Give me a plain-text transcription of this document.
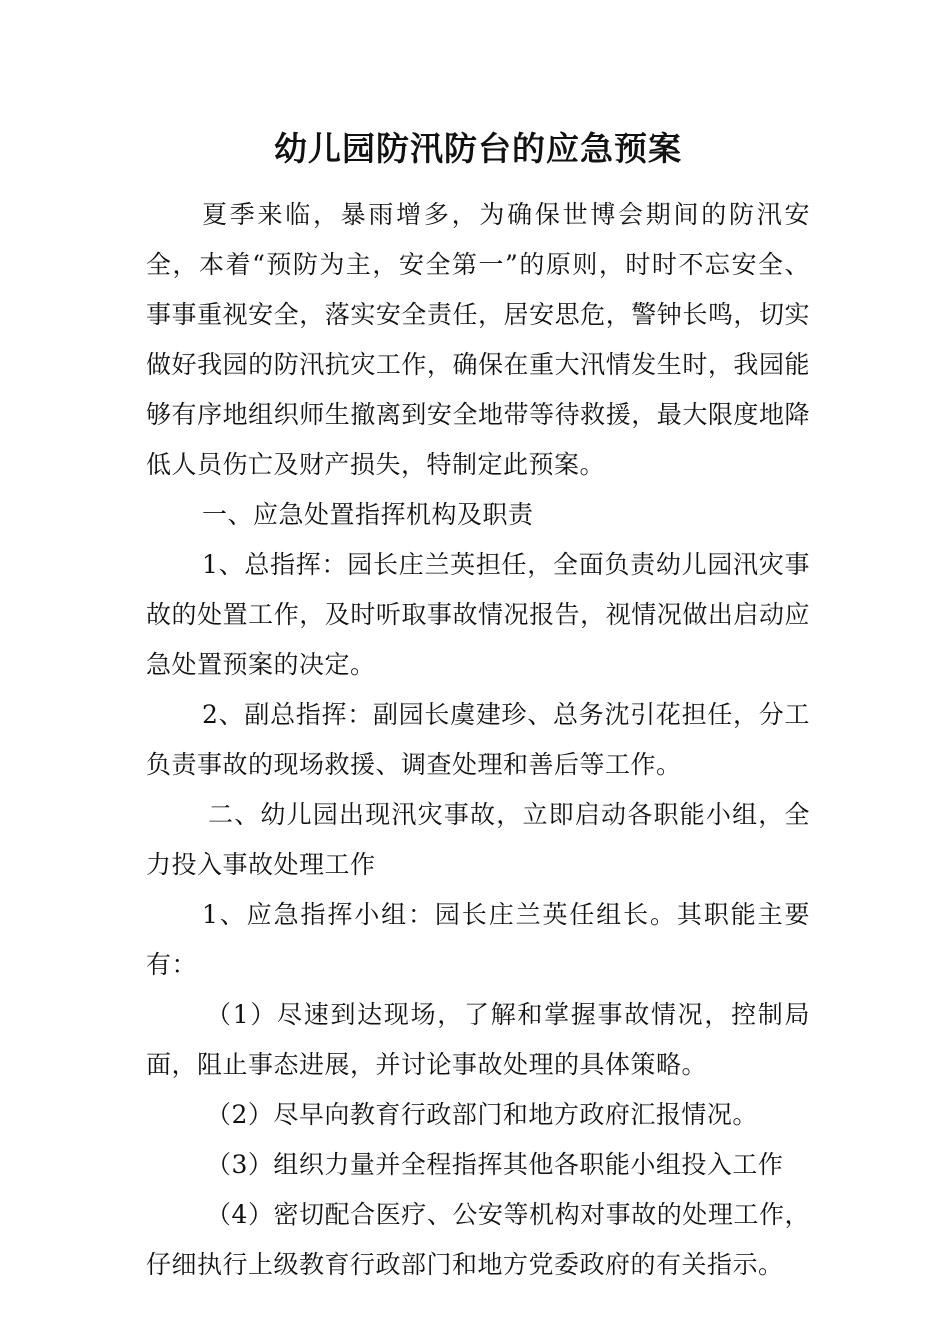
幼儿园防汛防台的应急预案

夏季来临，暴雨增多，为确保世博会期间的防汛安全，本着“预防为主，安全第一”的原则，时时不忘安全、事事重视安全，落实安全责任，居安思危，警钟长鸣，切实做好我园的防汛抗灾工作，确保在重大汛情发生时，我园能够有序地组织师生撤离到安全地带等待救援，最大限度地降低人员伤亡及财产损失，特制定此预案。

一、应急处置指挥机构及职责

1、总指挥：园长庄兰英担任，全面负责幼儿园汛灾事故的处置工作，及时听取事故情况报告，视情况做出启动应急处置预案的决定。

2、副总指挥：副园长虞建珍、总务沈引花担任，分工负责事故的现场救援、调查处理和善后等工作。

二、幼儿园出现汛灾事故，立即启动各职能小组，全力投入事故处理工作

1、应急指挥小组：园长庄兰英任组长。其职能主要有：

（1）尽速到达现场，了解和掌握事故情况，控制局面，阻止事态进展，并讨论事故处理的具体策略。

（2）尽早向教育行政部门和地方政府汇报情况。

（3）组织力量并全程指挥其他各职能小组投入工作

（4）密切配合医疗、公安等机构对事故的处理工作，仔细执行上级教育行政部门和地方党委政府的有关指示。
